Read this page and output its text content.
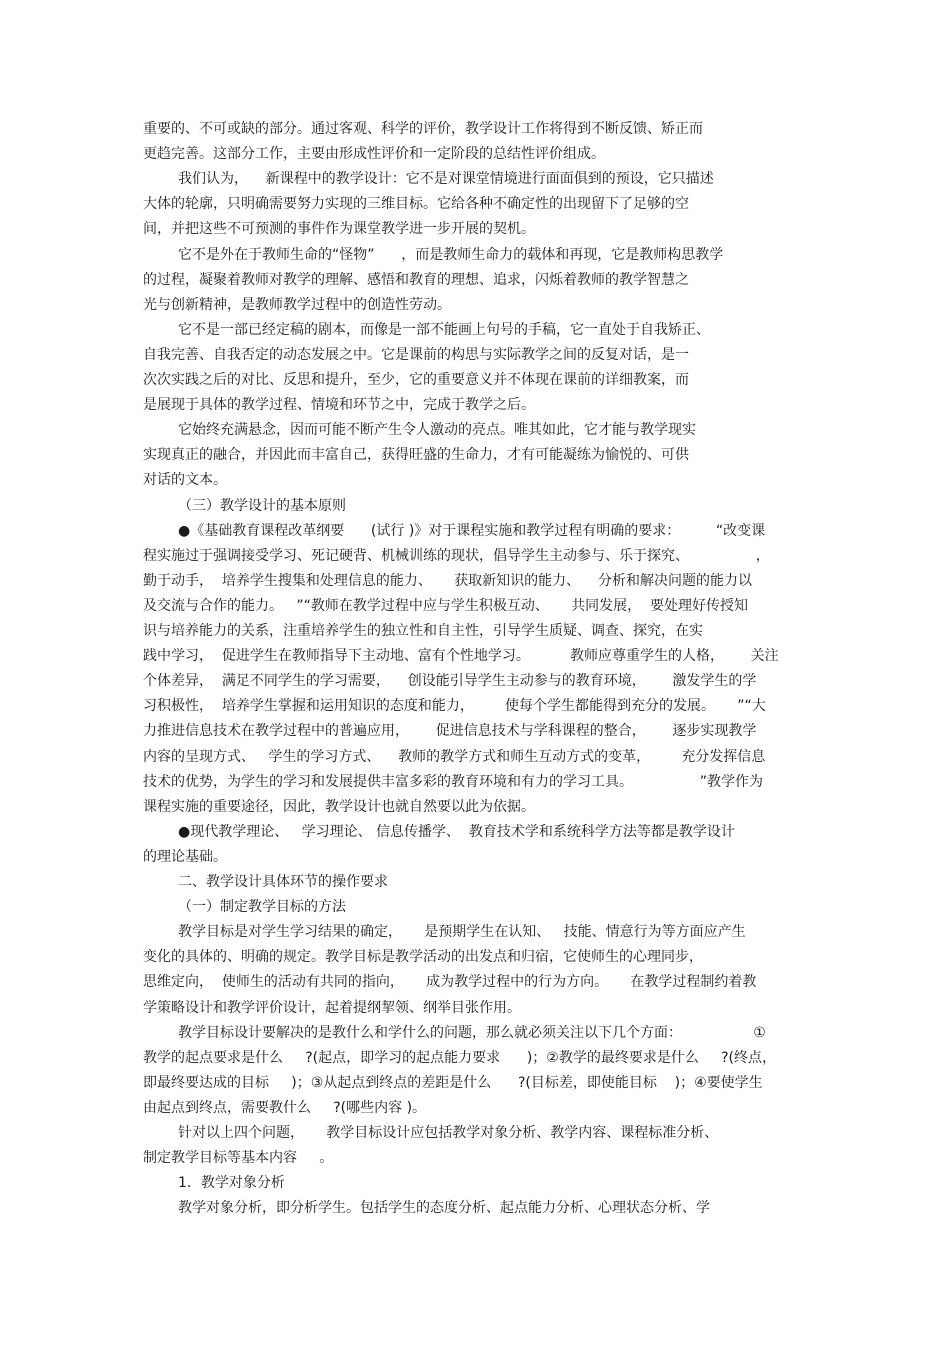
重要的、不可或缺的部分。通过客观、科学的评价，教学设计工作将得到不断反馈、矫正而
更趋完善。这部分工作，主要由形成性评价和一定阶段的总结性评价组成。
我们认为，    新课程中的教学设计：它不是对课堂情境进行面面俱到的预设，它只描述
大体的轮廓，只明确需要努力实现的三维目标。它给各种不确定性的出现留下了足够的空
间，并把这些不可预测的事件作为课堂教学进一步开展的契机。
它不是外在于教师生命的“怪物”      ，而是教师生命力的载体和再现，它是教师构思教学
的过程，凝聚着教师对教学的理解、感悟和教育的理想、追求，闪烁着教师的教学智慧之
光与创新精神，是教师教学过程中的创造性劳动。
它不是一部已经定稿的剧本，而像是一部不能画上句号的手稿，它一直处于自我矫正、
自我完善、自我否定的动态发展之中。它是课前的构思与实际教学之间的反复对话，是一
次次实践之后的对比、反思和提升，至少，它的重要意义并不体现在课前的详细教案，而
是展现于具体的教学过程、情境和环节之中，完成于教学之后。
它始终充满悬念，因而可能不断产生令人激动的亮点。唯其如此，它才能与教学现实
实现真正的融合，并因此而丰富自己，获得旺盛的生命力，才有可能凝练为愉悦的、可供
对话的文本。
（三）教学设计的基本原则
●《基础教育课程改革纲要      (试行 )》对于课程实施和教学过程有明确的要求：        “改变课
程实施过于强调接受学习、死记硬背、机械训练的现状，倡导学生主动参与、乐于探究、               ，
勤于动手，  培养学生搜集和处理信息的能力、     获取新知识的能力、    分析和解决问题的能力以
及交流与合作的能力。   ”“教师在教学过程中应与学生积极互动、     共同发展，  要处理好传授知
识与培养能力的关系，注重培养学生的独立性和自主性，引导学生质疑、调查、探究，在实
践中学习，  促进学生在教师指导下主动地、富有个性地学习。         教师应尊重学生的人格，      关注
个体差异，  满足不同学生的学习需要，    创设能引导学生主动参与的教育环境，      激发学生的学
习积极性，  培养学生掌握和运用知识的态度和能力，       使每个学生都能得到充分的发展。     ”“大
力推进信息技术在教学过程中的普遍应用，      促进信息技术与学科课程的整合，      逐步实现教学
内容的呈现方式、   学生的学习方式、    教师的教学方式和师生互动方式的变革，       充分发挥信息
技术的优势，为学生的学习和发展提供丰富多彩的教育环境和有力的学习工具。               ”教学作为
课程实施的重要途径，因此，教学设计也就自然要以此为依据。
●现代教学理论、   学习理论、 信息传播学、  教育技术学和系统科学方法等都是教学设计
的理论基础。
二、教学设计具体环节的操作要求
（一）制定教学目标的方法
教学目标是对学生学习结果的确定，     是预期学生在认知、   技能、情意行为等方面应产生
变化的具体的、明确的规定。教学目标是教学活动的出发点和归宿，它使师生的心理同步，
思维定向，  使师生的活动有共同的指向，     成为教学过程中的行为方向。     在教学过程制约着教
学策略设计和教学评价设计，起着提纲挈领、纲举目张作用。
教学目标设计要解决的是教什么和学什么的问题，那么就必须关注以下几个方面：                ①
教学的起点要求是什么     ?(起点，即学习的起点能力要求      )；②教学的最终要求是什么     ?(终点，
即最终要达成的目标     )；③从起点到终点的差距是什么      ?(目标差，即使能目标    )；④要使学生
由起点到终点，需要教什么     ?(哪些内容 )。
针对以上四个问题，     教学目标设计应包括教学对象分析、教学内容、课程标准分析、
制定教学目标等基本内容     。
1．教学对象分析
教学对象分析，即分析学生。包括学生的态度分析、起点能力分析、心理状态分析、学
